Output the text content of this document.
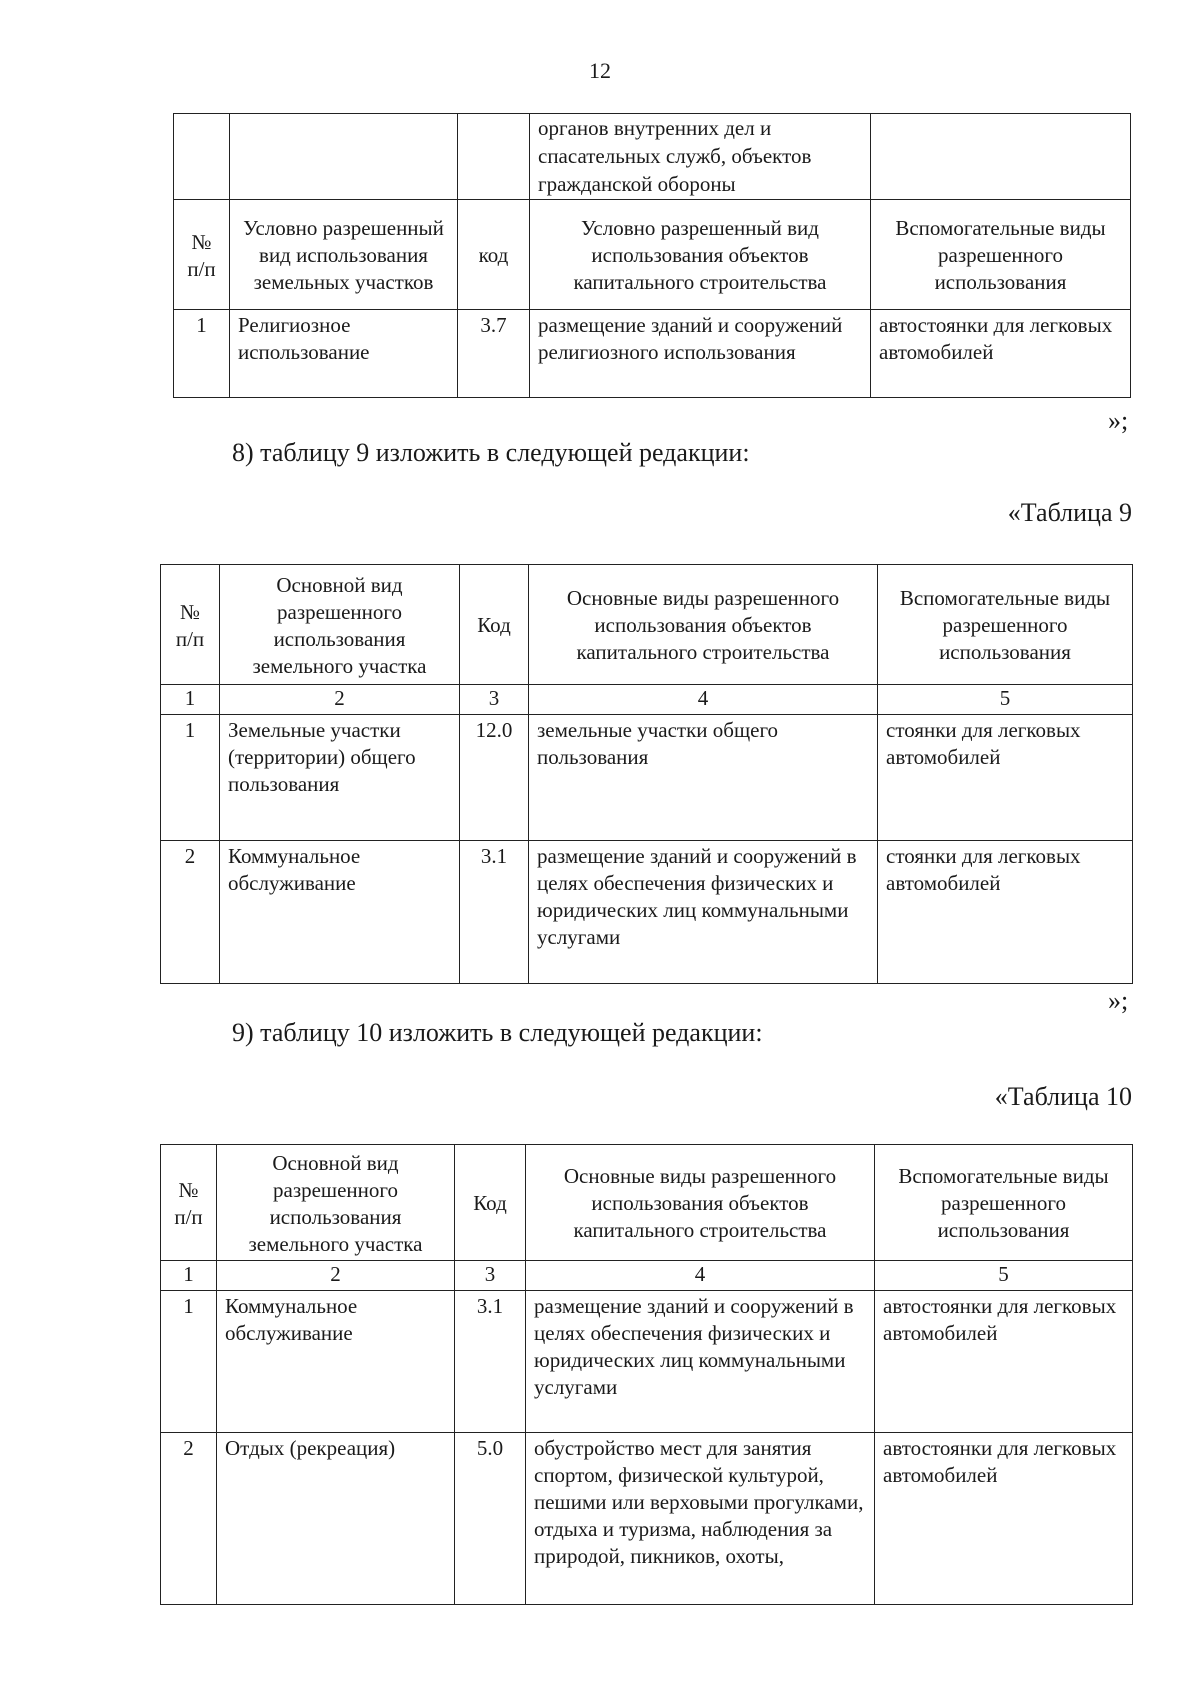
12
			органов внутренних дел и спасательных служб, объектов гражданской обороны	
№ п/п	Условно разрешенный вид использования земельных участков	код	Условно разрешенный вид использования объектов капитального строительства	Вспомогательные виды разрешенного использования
1	Религиозное использование	3.7	размещение зданий и сооружений религиозного использования	автостоянки для легковых автомобилей
»;
8) таблицу 9 изложить в следующей редакции:
«Таблица 9
№ п/п	Основной вид разрешенного использования земельного участка	Код	Основные виды разрешенного использования объектов капитального строительства	Вспомогательные виды разрешенного использования
1	2	3	4	5
1	Земельные участки (территории) общего пользования	12.0	земельные участки общего пользования	стоянки для легковых автомобилей
2	Коммунальное обслуживание	3.1	размещение зданий и сооружений в целях обеспечения физических и юридических лиц коммунальными услугами	стоянки для легковых автомобилей
»;
9) таблицу 10 изложить в следующей редакции:
«Таблица 10
№ п/п	Основной вид разрешенного использования земельного участка	Код	Основные виды разрешенного использования объектов капитального строительства	Вспомогательные виды разрешенного использования
1	2	3	4	5
1	Коммунальное обслуживание	3.1	размещение зданий и сооружений в целях обеспечения физических и юридических лиц коммунальными услугами	автостоянки для легковых автомобилей
2	Отдых (рекреация)	5.0	обустройство мест для занятия спортом, физической культурой, пешими или верховыми прогулками, отдыха и туризма, наблюдения за природой, пикников, охоты,	автостоянки для легковых автомобилей
